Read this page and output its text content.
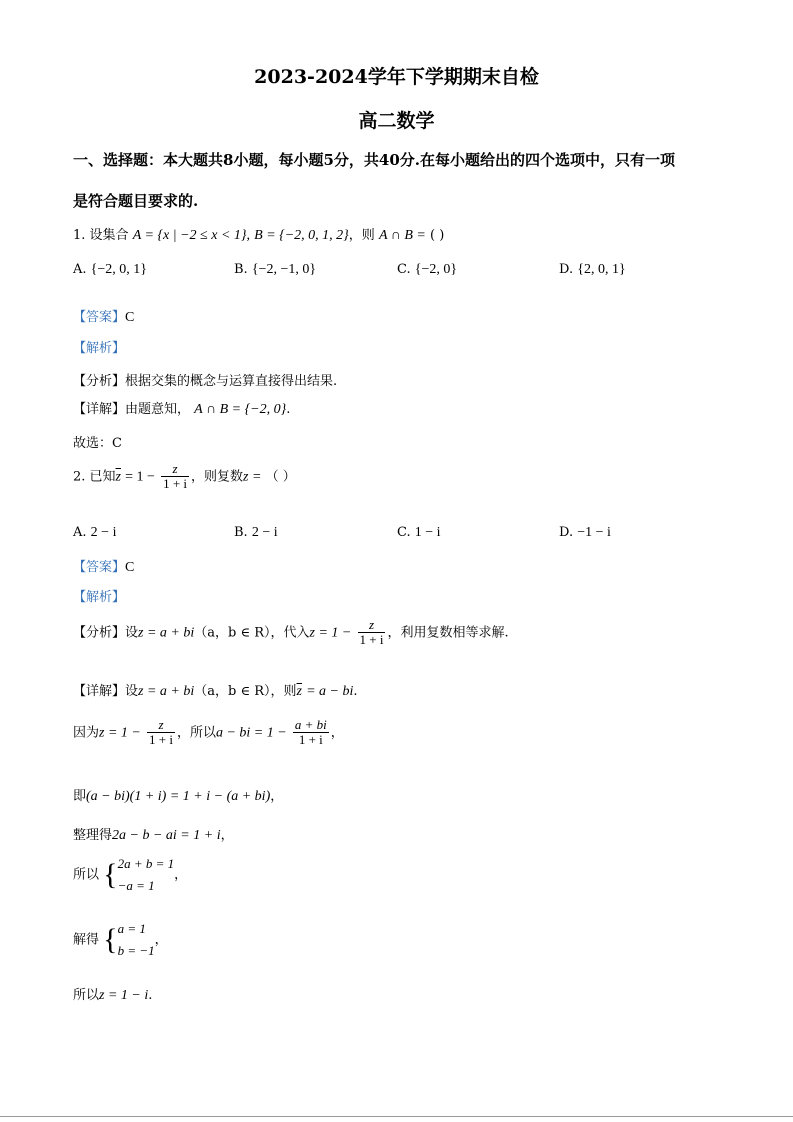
2023-2024学年下学期期末自检
高二数学
一、选择题：本大题共8小题，每小题5分，共40分.在每小题给出的四个选项中，只有一项
是符合题目要求的.
1. 设集合 A = {x | −2 ≤ x < 1}, B = {−2, 0, 1, 2}，则 A ∩ B = ( )
A. {−2, 0, 1}	B. {−2, −1, 0}	C. {−2, 0}	D. {2, 0, 1}
【答案】C
【解析】
【分析】根据交集的概念与运算直接得出结果.
【详解】由题意知， A ∩ B = {−2, 0}.
故选：C
2. 已知$\overline{z} = 1 - \frac{z}{1 + i}$ ，则复数z = （ ）
A. 2 − i	B. 2 − i	C. 1 − i	D. −1 − i
【答案】C
【解析】
【分析】设z = a + bi（a，b ∈ R），代入$z = 1 - \frac{z}{1 + i}$ ，利用复数相等求解.
【详解】设z = a + bi（a，b ∈ R），则$\overline{z} = a$ − bi.
因为$z = 1 - \frac{z}{1 + i}$ ，所以a − bi = $1 - \frac{a + bi}{1 + i}$ ，
即(a − bi)(1 + i) = 1 + i − (a + bi)，
整理得2a − b − ai = 1 + i，
所以 { 2a + b = 1
−a = 1
，
解得 { a = 1
b = −1
，
所以z = 1 − i.
